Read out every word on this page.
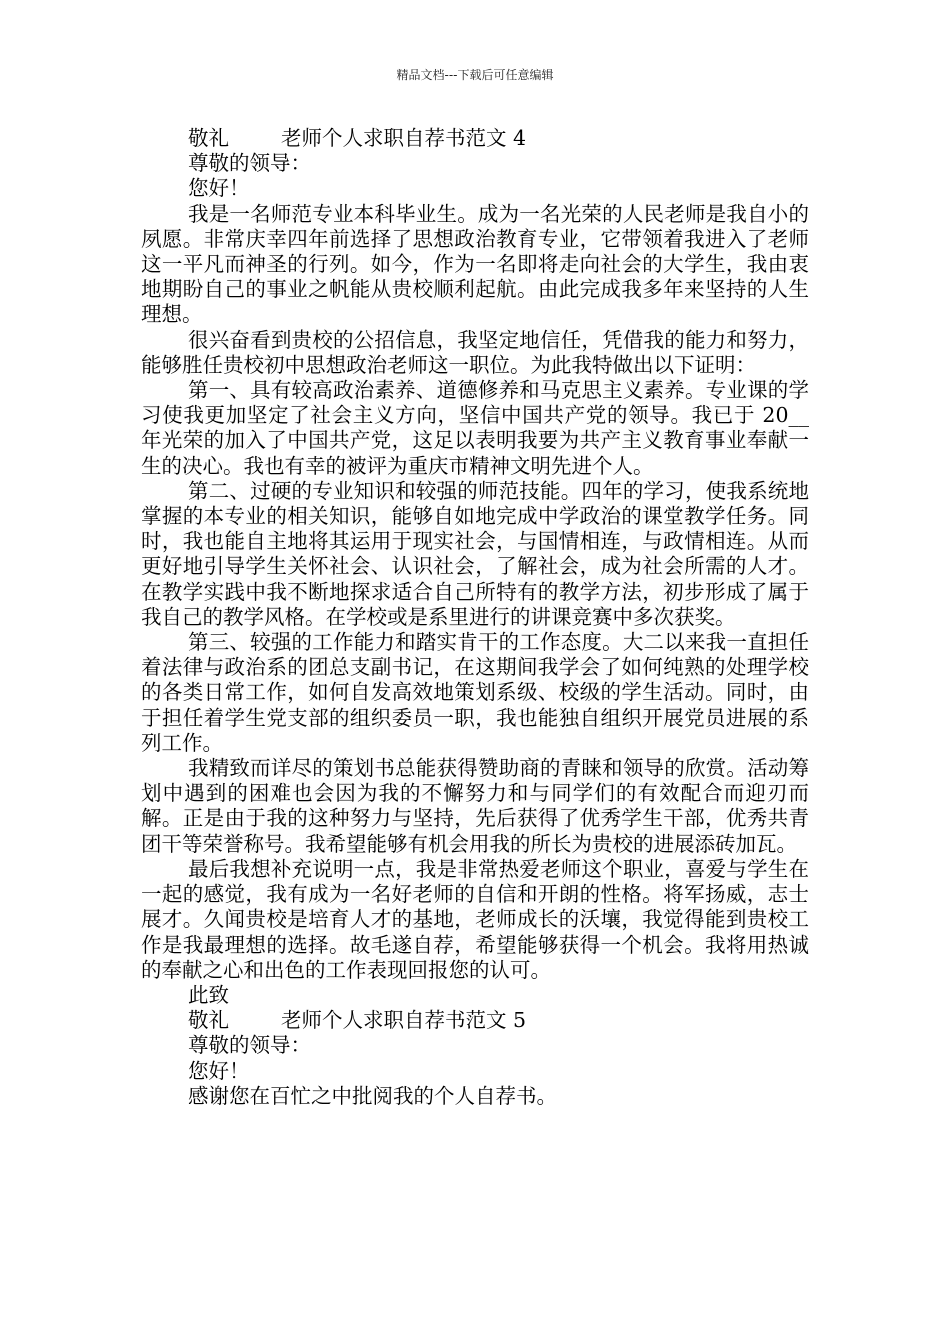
精品文档---下载后可任意编辑
敬礼	老师个人求职自荐书范文 4
尊敬的领导：
您好！
我是一名师范专业本科毕业生。成为一名光荣的人民老师是我自小的夙愿。非常庆幸四年前选择了思想政治教育专业，它带领着我进入了老师这一平凡而神圣的行列。如今，作为一名即将走向社会的大学生，我由衷地期盼自己的事业之帆能从贵校顺利起航。由此完成我多年来坚持的人生理想。
很兴奋看到贵校的公招信息，我坚定地信任，凭借我的能力和努力，能够胜任贵校初中思想政治老师这一职位。为此我特做出以下证明：
第一、具有较高政治素养、道德修养和马克思主义素养。专业课的学习使我更加坚定了社会主义方向，坚信中国共产党的领导。我已于 20__年光荣的加入了中国共产党，这足以表明我要为共产主义教育事业奉献一生的决心。我也有幸的被评为重庆市精神文明先进个人。
第二、过硬的专业知识和较强的师范技能。四年的学习，使我系统地掌握的本专业的相关知识，能够自如地完成中学政治的课堂教学任务。同时，我也能自主地将其运用于现实社会，与国情相连，与政情相连。从而更好地引导学生关怀社会、认识社会，了解社会，成为社会所需的人才。在教学实践中我不断地探求适合自己所特有的教学方法，初步形成了属于我自己的教学风格。在学校或是系里进行的讲课竞赛中多次获奖。
第三、较强的工作能力和踏实肯干的工作态度。大二以来我一直担任着法律与政治系的团总支副书记，在这期间我学会了如何纯熟的处理学校的各类日常工作，如何自发高效地策划系级、校级的学生活动。同时，由于担任着学生党支部的组织委员一职，我也能独自组织开展党员进展的系列工作。
我精致而详尽的策划书总能获得赞助商的青睐和领导的欣赏。活动筹划中遇到的困难也会因为我的不懈努力和与同学们的有效配合而迎刃而解。正是由于我的这种努力与坚持，先后获得了优秀学生干部，优秀共青团干等荣誉称号。我希望能够有机会用我的所长为贵校的进展添砖加瓦。
最后我想补充说明一点，我是非常热爱老师这个职业，喜爱与学生在一起的感觉，我有成为一名好老师的自信和开朗的性格。将军扬威，志士展才。久闻贵校是培育人才的基地，老师成长的沃壤，我觉得能到贵校工作是我最理想的选择。故毛遂自荐，希望能够获得一个机会。我将用热诚的奉献之心和出色的工作表现回报您的认可。
此致
敬礼	老师个人求职自荐书范文 5
尊敬的领导：
您好！
感谢您在百忙之中批阅我的个人自荐书。
